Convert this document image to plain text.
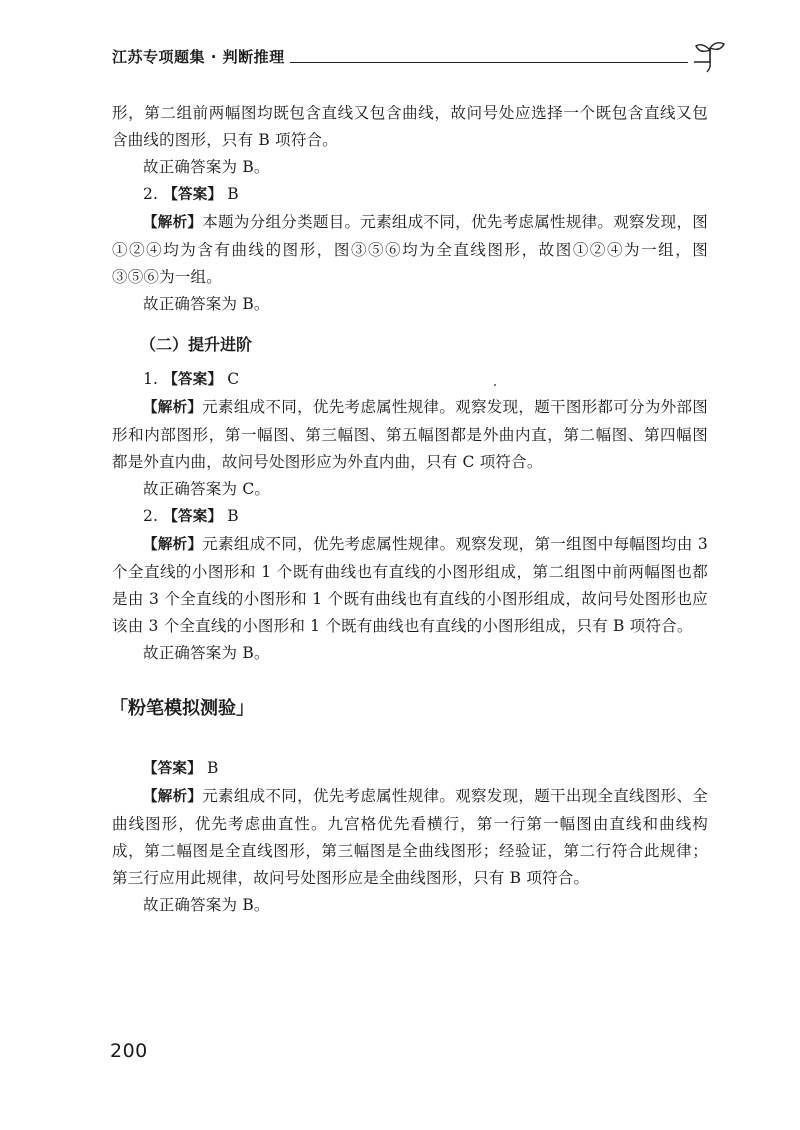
江苏专项题集 · 判断推理

形，第二组前两幅图均既包含直线又包含曲线，故问号处应选择一个既包含直线又包含曲线的图形，只有 B 项符合。

故正确答案为 B。

2. 【答案】 B

【解析】本题为分组分类题目。元素组成不同，优先考虑属性规律。观察发现，图①②④均为含有曲线的图形，图③⑤⑥均为全直线图形，故图①②④为一组，图③⑤⑥为一组。

故正确答案为 B。

（二）提升进阶

1. 【答案】 C

【解析】元素组成不同，优先考虑属性规律。观察发现，题干图形都可分为外部图形和内部图形，第一幅图、第三幅图、第五幅图都是外曲内直，第二幅图、第四幅图都是外直内曲，故问号处图形应为外直内曲，只有 C 项符合。

故正确答案为 C。

2. 【答案】 B

【解析】元素组成不同，优先考虑属性规律。观察发现，第一组图中每幅图均由 3 个全直线的小图形和 1 个既有曲线也有直线的小图形组成，第二组图中前两幅图也都是由 3 个全直线的小图形和 1 个既有曲线也有直线的小图形组成，故问号处图形也应该由 3 个全直线的小图形和 1 个既有曲线也有直线的小图形组成，只有 B 项符合。

故正确答案为 B。

「粉笔模拟测验」

【答案】 B

【解析】元素组成不同，优先考虑属性规律。观察发现，题干出现全直线图形、全曲线图形，优先考虑曲直性。九宫格优先看横行，第一行第一幅图由直线和曲线构成，第二幅图是全直线图形，第三幅图是全曲线图形；经验证，第二行符合此规律；第三行应用此规律，故问号处图形应是全曲线图形，只有 B 项符合。

故正确答案为 B。

200
